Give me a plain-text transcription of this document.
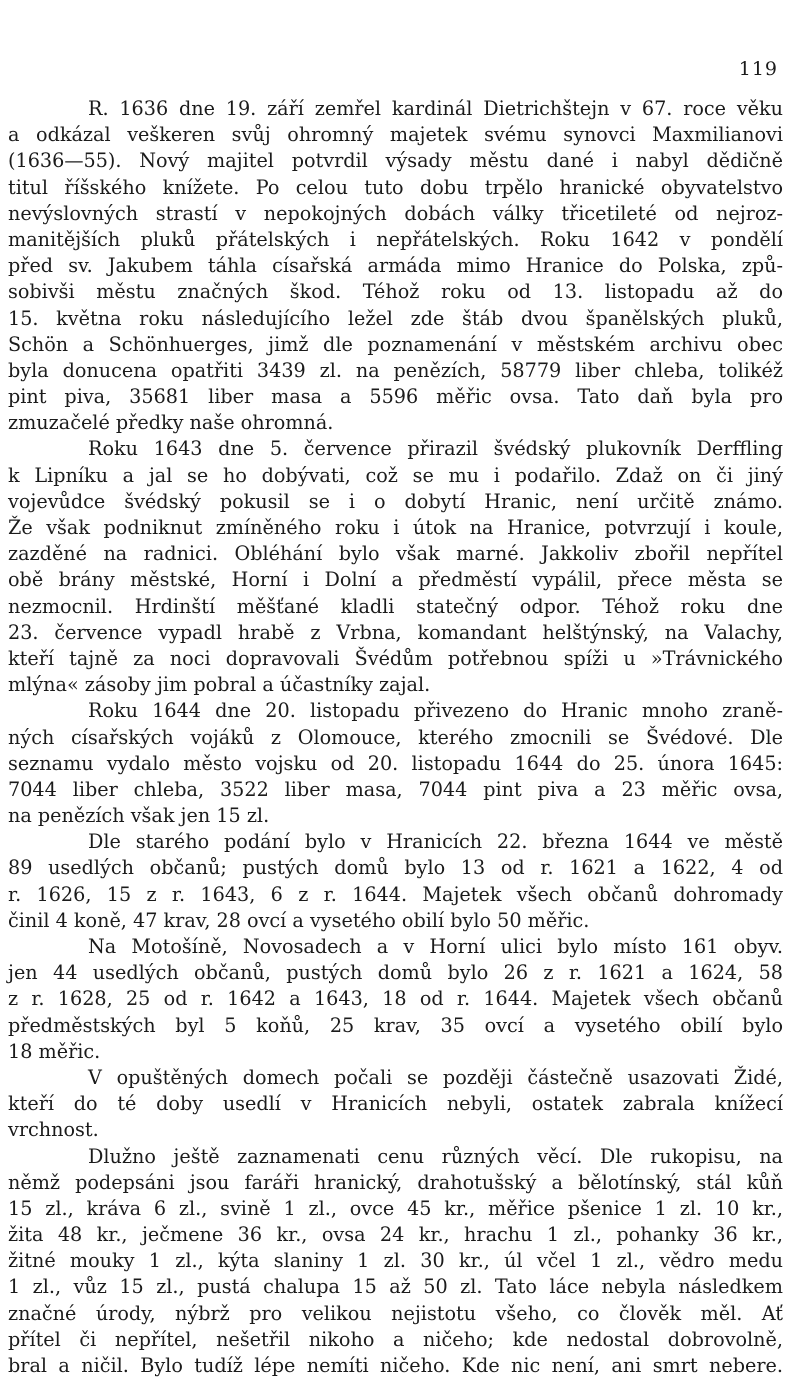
119
R. 1636 dne 19. září zemřel kardinál Dietrichštejn v 67. roce věku
a odkázal veškeren svůj ohromný majetek svému synovci Maxmilianovi
(1636—55). Nový majitel potvrdil výsady městu dané i nabyl dědičně
titul říšského knížete. Po celou tuto dobu trpělo hranické obyvatelstvo
nevýslovných strastí v nepokojných dobách války třicetileté od nejroz-
manitějších pluků přátelských i nepřátelských. Roku 1642 v pondělí
před sv. Jakubem táhla císařská armáda mimo Hranice do Polska, způ-
sobivši městu značných škod. Téhož roku od 13. listopadu až do
15. května roku následujícího ležel zde štáb dvou španělských pluků,
Schön a Schönhuerges, jimž dle poznamenání v městském archivu obec
byla donucena opatřiti 3439 zl. na penězích, 58779 liber chleba, tolikéž
pint piva, 35681 liber masa a 5596 měřic ovsa. Tato daň byla pro
zmuzačelé předky naše ohromná.
Roku 1643 dne 5. července přirazil švédský plukovník Derffling
k Lipníku a jal se ho dobývati, což se mu i podařilo. Zdaž on či jiný
vojevůdce švédský pokusil se i o dobytí Hranic, není určitě známo.
Že však podniknut zmíněného roku i útok na Hranice, potvrzují i koule,
zazděné na radnici. Obléhání bylo však marné. Jakkoliv zbořil nepřítel
obě brány městské, Horní i Dolní a předměstí vypálil, přece města se
nezmocnil. Hrdinští měšťané kladli statečný odpor. Téhož roku dne
23. července vypadl hrabě z Vrbna, komandant helštýnský, na Valachy,
kteří tajně za noci dopravovali Švédům potřebnou spíži u »Trávnického
mlýna« zásoby jim pobral a účastníky zajal.
Roku 1644 dne 20. listopadu přivezeno do Hranic mnoho zraně-
ných císařských vojáků z Olomouce, kterého zmocnili se Švédové. Dle
seznamu vydalo město vojsku od 20. listopadu 1644 do 25. února 1645:
7044 liber chleba, 3522 liber masa, 7044 pint piva a 23 měřic ovsa,
na penězích však jen 15 zl.
Dle starého podání bylo v Hranicích 22. března 1644 ve městě
89 usedlých občanů; pustých domů bylo 13 od r. 1621 a 1622, 4 od
r. 1626, 15 z r. 1643, 6 z r. 1644. Majetek všech občanů dohromady
činil 4 koně, 47 krav, 28 ovcí a vysetého obilí bylo 50 měřic.
Na Motošíně, Novosadech a v Horní ulici bylo místo 161 obyv.
jen 44 usedlých občanů, pustých domů bylo 26 z r. 1621 a 1624, 58
z r. 1628, 25 od r. 1642 a 1643, 18 od r. 1644. Majetek všech občanů
předměstských byl 5 koňů, 25 krav, 35 ovcí a vysetého obilí bylo
18 měřic.
V opuštěných domech počali se později částečně usazovati Židé,
kteří do té doby usedlí v Hranicích nebyli, ostatek zabrala knížecí
vrchnost.
Dlužno ještě zaznamenati cenu různých věcí. Dle rukopisu, na
němž podepsáni jsou faráři hranický, drahotušský a bělotínský, stál kůň
15 zl., kráva 6 zl., svině 1 zl., ovce 45 kr., měřice pšenice 1 zl. 10 kr.,
žita 48 kr., ječmene 36 kr., ovsa 24 kr., hrachu 1 zl., pohanky 36 kr.,
žitné mouky 1 zl., kýta slaniny 1 zl. 30 kr., úl včel 1 zl., vědro medu
1 zl., vůz 15 zl., pustá chalupa 15 až 50 zl. Tato láce nebyla následkem
značné úrody, nýbrž pro velikou nejistotu všeho, co člověk měl. Ať
přítel či nepřítel, nešetřil nikoho a ničeho; kde nedostal dobrovolně,
bral a ničil. Bylo tudíž lépe nemíti ničeho. Kde nic není, ani smrt nebere.
